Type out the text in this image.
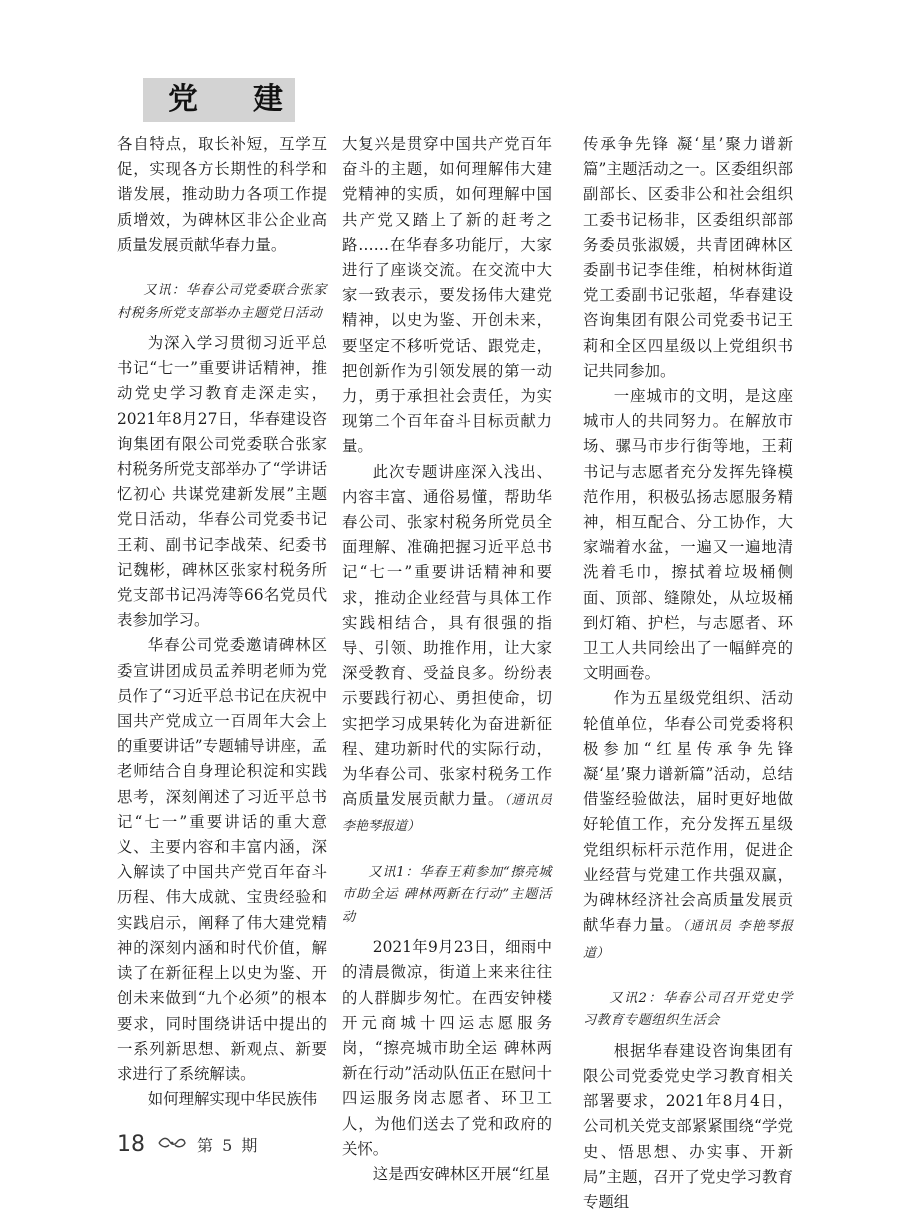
党 建

各自特点，取长补短，互学互促，实现各方长期性的科学和谐发展，推动助力各项工作提质增效，为碑林区非公企业高质量发展贡献华春力量。

又讯：华春公司党委联合张家村税务所党支部举办主题党日活动

为深入学习贯彻习近平总书记“七一”重要讲话精神，推动党史学习教育走深走实，2021年8月27日，华春建设咨询集团有限公司党委联合张家村税务所党支部举办了“学讲话 忆初心 共谋党建新发展”主题党日活动，华春公司党委书记王莉、副书记李战荣、纪委书记魏彬，碑林区张家村税务所党支部书记冯涛等66名党员代表参加学习。

华春公司党委邀请碑林区委宣讲团成员孟养明老师为党员作了“习近平总书记在庆祝中国共产党成立一百周年大会上的重要讲话”专题辅导讲座，孟老师结合自身理论积淀和实践思考，深刻阐述了习近平总书记“七一”重要讲话的重大意义、主要内容和丰富内涵，深入解读了中国共产党百年奋斗历程、伟大成就、宝贵经验和实践启示，阐释了伟大建党精神的深刻内涵和时代价值，解读了在新征程上以史为鉴、开创未来做到“九个必须”的根本要求，同时围绕讲话中提出的一系列新思想、新观点、新要求进行了系统解读。

如何理解实现中华民族伟

大复兴是贯穿中国共产党百年奋斗的主题，如何理解伟大建党精神的实质，如何理解中国共产党又踏上了新的赶考之路……在华春多功能厅，大家进行了座谈交流。在交流中大家一致表示，要发扬伟大建党精神，以史为鉴、开创未来，要坚定不移听党话、跟党走，把创新作为引领发展的第一动力，勇于承担社会责任，为实现第二个百年奋斗目标贡献力量。

此次专题讲座深入浅出、内容丰富、通俗易懂，帮助华春公司、张家村税务所党员全面理解、准确把握习近平总书记“七一”重要讲话精神和要求，推动企业经营与具体工作实践相结合，具有很强的指导、引领、助推作用，让大家深受教育、受益良多。纷纷表示要践行初心、勇担使命，切实把学习成果转化为奋进新征程、建功新时代的实际行动，为华春公司、张家村税务工作高质量发展贡献力量。（通讯员 李艳琴报道）

又讯1：华春王莉参加“擦亮城市助全运 碑林两新在行动”主题活动

2021年9月23日，细雨中的清晨微凉，街道上来来往往的人群脚步匆忙。在西安钟楼开元商城十四运志愿服务岗，“擦亮城市助全运 碑林两新在行动”活动队伍正在慰问十四运服务岗志愿者、环卫工人，为他们送去了党和政府的关怀。

这是西安碑林区开展“红星

传承争先锋 凝‘星’聚力谱新篇”主题活动之一。区委组织部副部长、区委非公和社会组织工委书记杨非，区委组织部部务委员张淑媛，共青团碑林区委副书记李佳维，柏树林街道党工委副书记张超，华春建设咨询集团有限公司党委书记王莉和全区四星级以上党组织书记共同参加。

一座城市的文明，是这座城市人的共同努力。在解放市场、骡马市步行街等地，王莉书记与志愿者充分发挥先锋模范作用，积极弘扬志愿服务精神，相互配合、分工协作，大家端着水盆，一遍又一遍地清洗着毛巾，擦拭着垃圾桶侧面、顶部、缝隙处，从垃圾桶到灯箱、护栏，与志愿者、环卫工人共同绘出了一幅鲜亮的文明画卷。

作为五星级党组织、活动轮值单位，华春公司党委将积极参加“红星传承争先锋 凝‘星’聚力谱新篇”活动，总结借鉴经验做法，届时更好地做好轮值工作，充分发挥五星级党组织标杆示范作用，促进企业经营与党建工作共强双赢，为碑林经济社会高质量发展贡献华春力量。（通讯员 李艳琴报道）

又讯2：华春公司召开党史学习教育专题组织生活会

根据华春建设咨询集团有限公司党委党史学习教育相关部署要求，2021年8月4日，公司机关党支部紧紧围绕“学党史、悟思想、办实事、开新局”主题，召开了党史学习教育专题组

18	第 5 期
